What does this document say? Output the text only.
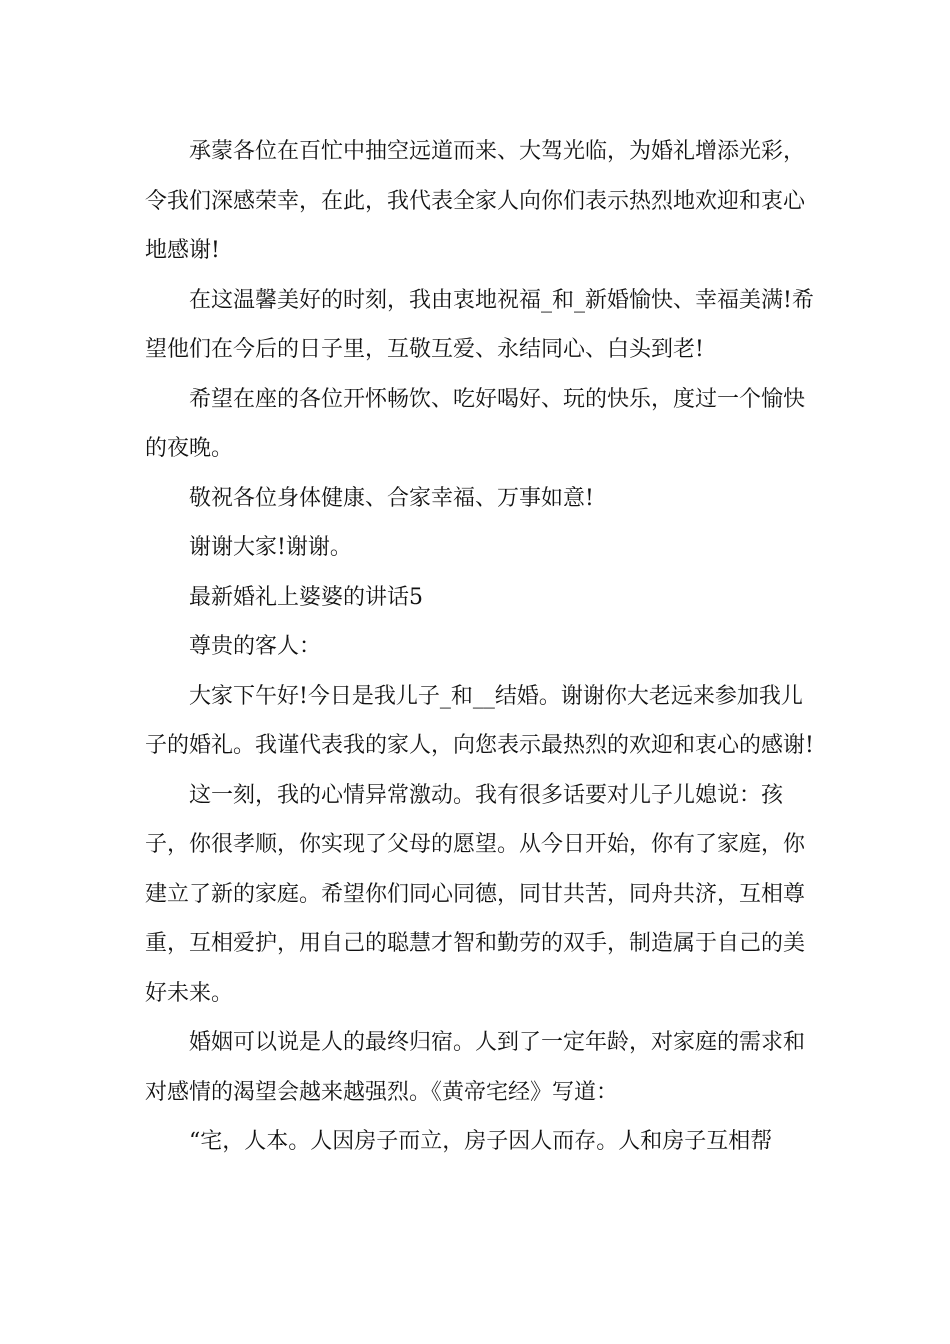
承蒙各位在百忙中抽空远道而来、大驾光临，为婚礼增添光彩，令我们深感荣幸，在此，我代表全家人向你们表示热烈地欢迎和衷心地感谢!

在这温馨美好的时刻，我由衷地祝福_和_新婚愉快、幸福美满!希望他们在今后的日子里，互敬互爱、永结同心、白头到老!

希望在座的各位开怀畅饮、吃好喝好、玩的快乐，度过一个愉快的夜晚。

敬祝各位身体健康、合家幸福、万事如意!

谢谢大家!谢谢。

最新婚礼上婆婆的讲话5

尊贵的客人：

大家下午好!今日是我儿子_和__结婚。谢谢你大老远来参加我儿子的婚礼。我谨代表我的家人，向您表示最热烈的欢迎和衷心的感谢!

这一刻，我的心情异常激动。我有很多话要对儿子儿媳说：孩子，你很孝顺，你实现了父母的愿望。从今日开始，你有了家庭，你建立了新的家庭。希望你们同心同德，同甘共苦，同舟共济，互相尊重，互相爱护，用自己的聪慧才智和勤劳的双手，制造属于自己的美好未来。

婚姻可以说是人的最终归宿。人到了一定年龄，对家庭的需求和对感情的渴望会越来越强烈。《黄帝宅经》写道：

“宅，人本。人因房子而立，房子因人而存。人和房子互相帮
